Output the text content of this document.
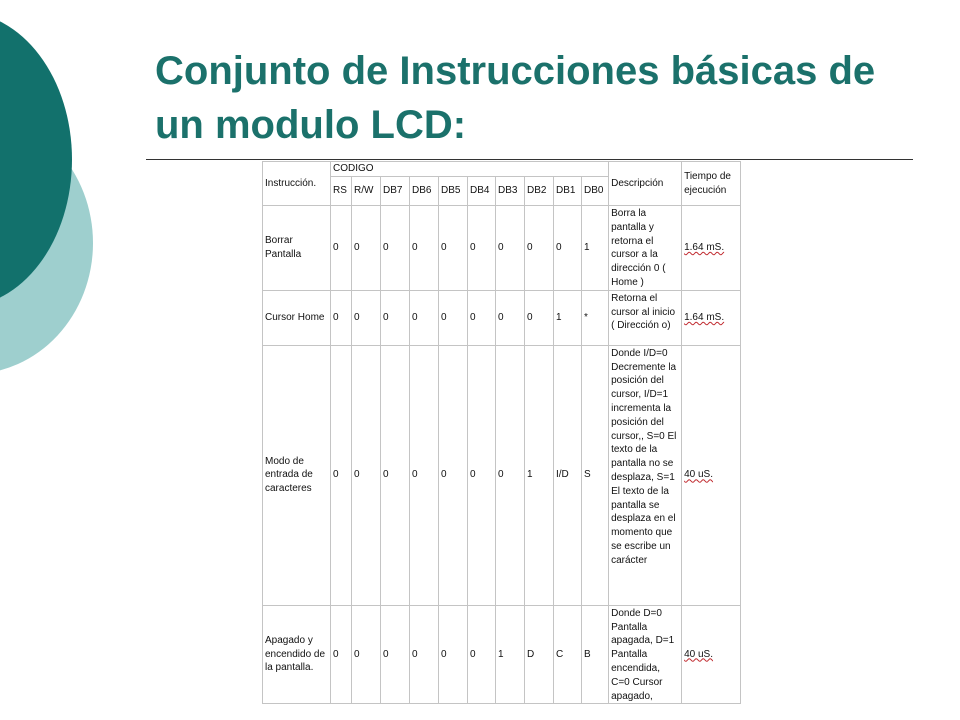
Conjunto de Instrucciones básicas de un modulo LCD:
Instrucción.	CODIGO										Descripción	Tiempo de ejecución
	RS	R/W	DB7	DB6	DB5	DB4	DB3	DB2	DB1	DB0		
Borrar Pantalla	0	0	0	0	0	0	0	0	0	1	Borra la pantalla y retorna el cursor a la dirección 0 ( Home )	1.64 mS.
Cursor Home	0	0	0	0	0	0	0	0	1	*	Retorna el cursor al inicio ( Dirección o)	1.64 mS.
Modo de entrada de caracteres	0	0	0	0	0	0	0	1	I/D	S	Donde I/D=0 Decremente la posición del cursor, I/D=1 incrementa la posición del cursor,, S=0 El texto de la pantalla no se desplaza, S=1 El texto de la pantalla se desplaza en el momento que se escribe un carácter	40 uS.
Apagado y encendido de la pantalla.	0	0	0	0	0	0	1	D	C	B	Donde D=0 Pantalla apagada, D=1 Pantalla encendida, C=0 Cursor apagado,	40 uS.
